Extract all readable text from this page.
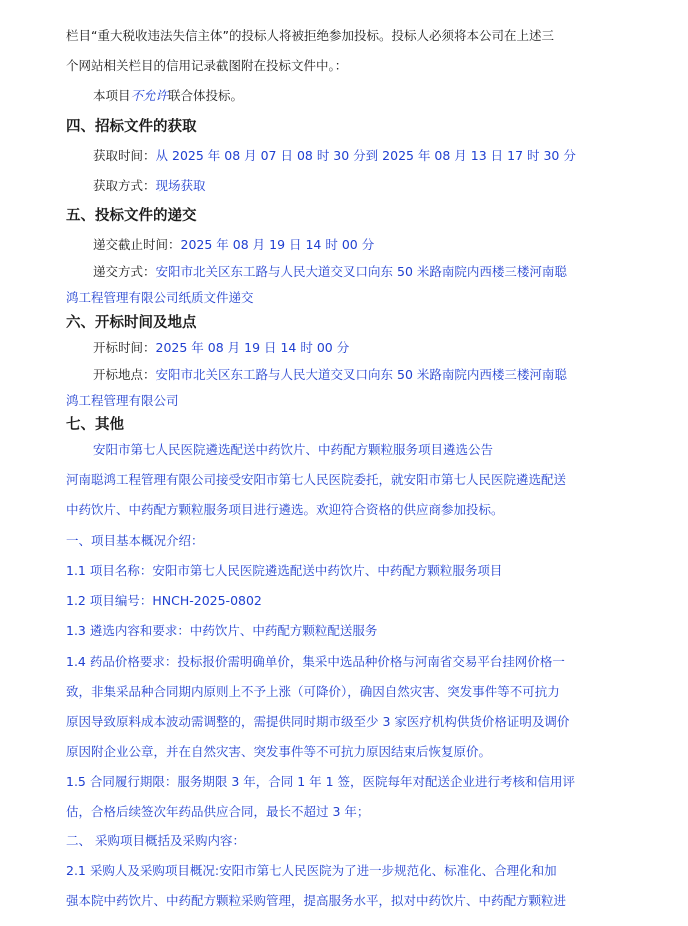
栏目“重大税收违法失信主体”的投标人将被拒绝参加投标。投标人必须将本公司在上述三
个网站相关栏目的信用记录截图附在投标文件中。：
本项目不允许联合体投标。
四、招标文件的获取
获取时间：从 2025 年 08 月 07 日 08 时 30 分到 2025 年 08 月 13 日 17 时 30 分
获取方式：现场获取
五、投标文件的递交
递交截止时间：2025 年 08 月 19 日 14 时 00 分
递交方式：安阳市北关区东工路与人民大道交叉口向东 50 米路南院内西楼三楼河南聪
鸿工程管理有限公司纸质文件递交
六、开标时间及地点
开标时间：2025 年 08 月 19 日 14 时 00 分
开标地点：安阳市北关区东工路与人民大道交叉口向东 50 米路南院内西楼三楼河南聪
鸿工程管理有限公司
七、其他
安阳市第七人民医院遴选配送中药饮片、中药配方颗粒服务项目遴选公告
河南聪鸿工程管理有限公司接受安阳市第七人民医院委托，就安阳市第七人民医院遴选配送
中药饮片、中药配方颗粒服务项目进行遴选。欢迎符合资格的供应商参加投标。
一、项目基本概况介绍：
1.1 项目名称：安阳市第七人民医院遴选配送中药饮片、中药配方颗粒服务项目
1.2 项目编号：HNCH-2025-0802
1.3 遴选内容和要求：中药饮片、中药配方颗粒配送服务
1.4 药品价格要求：投标报价需明确单价，集采中选品种价格与河南省交易平台挂网价格一
致，非集采品种合同期内原则上不予上涨（可降价），确因自然灾害、突发事件等不可抗力
原因导致原料成本波动需调整的，需提供同时期市级至少 3 家医疗机构供货价格证明及调价
原因附企业公章，并在自然灾害、突发事件等不可抗力原因结束后恢复原价。
1.5 合同履行期限：服务期限 3 年，合同 1 年 1 签，医院每年对配送企业进行考核和信用评
估，合格后续签次年药品供应合同，最长不超过 3 年；
二、 采购项目概括及采购内容：
2.1 采购人及采购项目概况:安阳市第七人民医院为了进一步规范化、标准化、合理化和加
强本院中药饮片、中药配方颗粒采购管理，提高服务水平，拟对中药饮片、中药配方颗粒进
